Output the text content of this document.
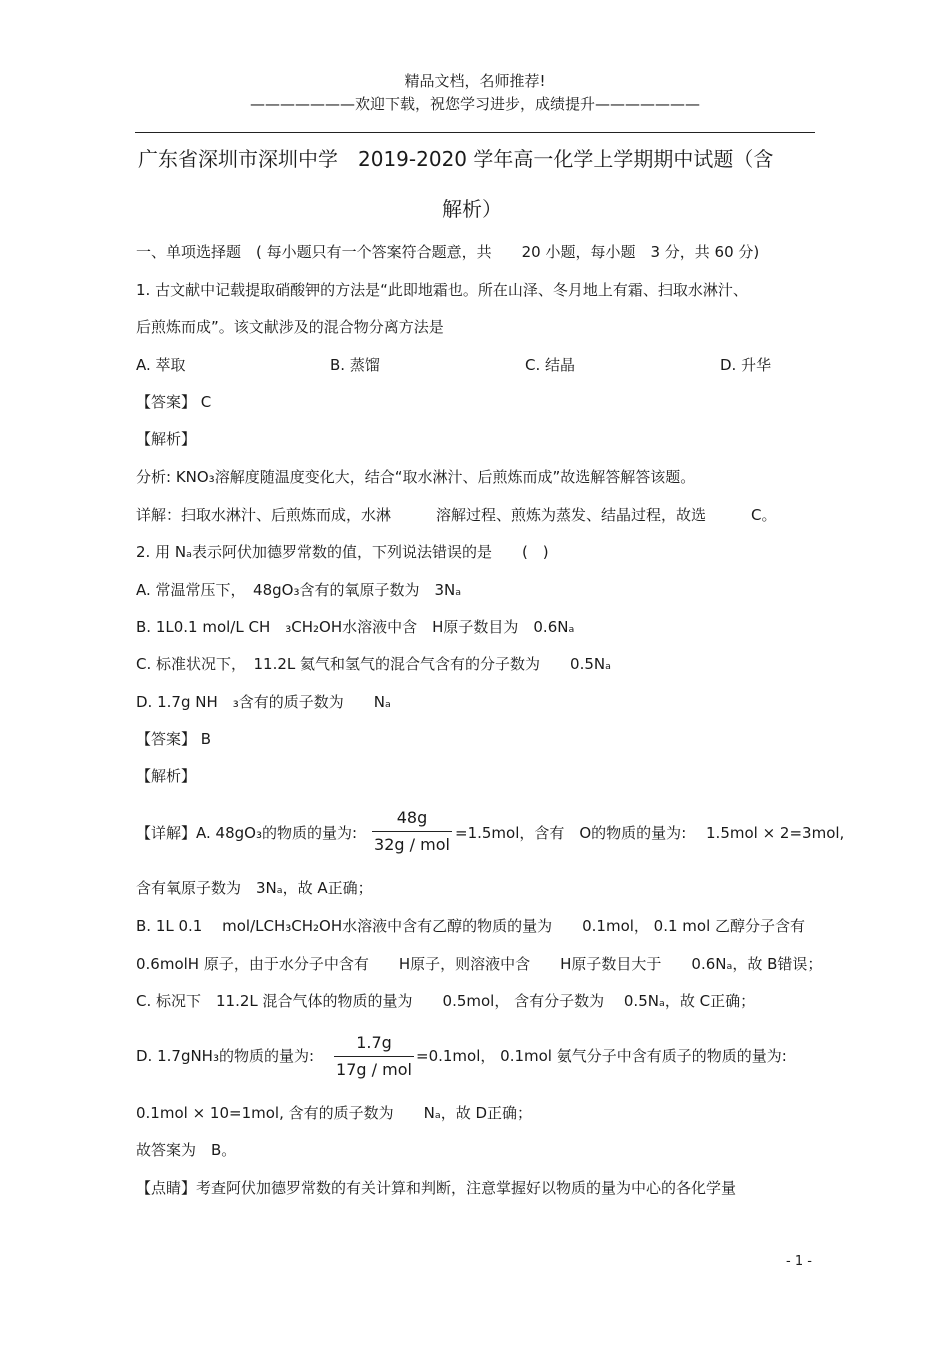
精品文档，名师推荐!
———————欢迎下载，祝您学习进步，成绩提升———————
广东省深圳市深圳中学　2019-2020 学年高一化学上学期期中试题（含
解析）
一、单项选择题　( 每小题只有一个答案符合题意，共　　20 小题，每小题　3 分，共 60 分)
1. 古文献中记载提取硝酸钾的方法是“此即地霜也。所在山泽、冬月地上有霜、扫取水淋汁、
后煎炼而成”。该文献涉及的混合物分离方法是
A. 萃取	B. 蒸馏	C. 结晶	D. 升华
【答案】 C
【解析】
分析: KNO₃溶解度随温度变化大，结合“取水淋汁、后煎炼而成”故选解答解答该题。
详解：扫取水淋汁、后煎炼而成，水淋　　　溶解过程、煎炼为蒸发、结晶过程，故选　　　C。
2. 用 Nₐ表示阿伏加德罗常数的值，下列说法错误的是　　(　)
A. 常温常压下，　48gO₃含有的氧原子数为　3Nₐ
B. 1L0.1 mol/L CH　₃CH₂OH水溶液中含　H原子数目为　0.6Nₐ
C. 标准状况下，　11.2L 氦气和氢气的混合气含有的分子数为　　0.5Nₐ
D. 1.7g NH　₃含有的质子数为　　Nₐ
【答案】 B
【解析】
【详解】A. 48gO₃的物质的量为:
48g
32g / mol
=1.5mol，含有　O的物质的量为:　 1.5mol × 2=3mol,
含有氧原子数为　3Nₐ，故 A正确；
B. 1L 0.1　 mol/LCH₃CH₂OH水溶液中含有乙醇的物质的量为　　0.1mol， 0.1 mol 乙醇分子含有
0.6molH 原子，由于水分子中含有　　H原子，则溶液中含　　H原子数目大于　　0.6Nₐ，故 B错误；
C. 标况下　11.2L 混合气体的物质的量为　　0.5mol， 含有分子数为　 0.5Nₐ，故 C正确；
D. 1.7gNH₃的物质的量为:
1.7g
17g / mol
=0.1mol， 0.1mol 氨气分子中含有质子的物质的量为:
0.1mol × 10=1mol, 含有的质子数为　　Nₐ，故 D正确；
故答案为　B。
【点睛】考查阿伏加德罗常数的有关计算和判断，注意掌握好以物质的量为中心的各化学量
- 1 -
